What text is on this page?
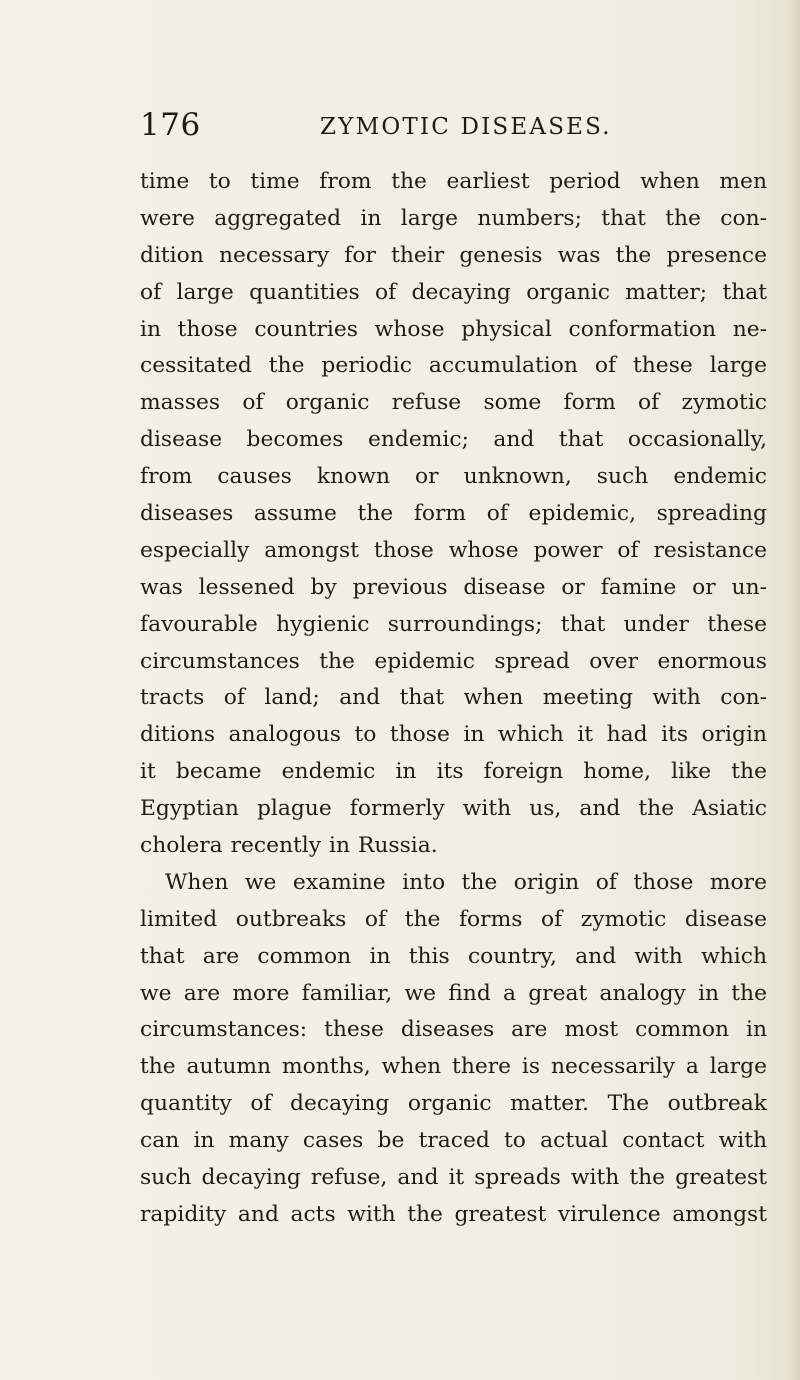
176	ZYMOTIC DISEASES.
time to time from the earliest period when men
were aggregated in large numbers; that the con-
dition necessary for their genesis was the presence
of large quantities of decaying organic matter; that
in those countries whose physical conformation ne-
cessitated the periodic accumulation of these large
masses of organic refuse some form of zymotic
disease becomes endemic; and that occasionally,
from causes known or unknown, such endemic
diseases assume the form of epidemic, spreading
especially amongst those whose power of resistance
was lessened by previous disease or famine or un-
favourable hygienic surroundings; that under these
circumstances the epidemic spread over enormous
tracts of land; and that when meeting with con-
ditions analogous to those in which it had its origin
it became endemic in its foreign home, like the
Egyptian plague formerly with us, and the Asiatic
cholera recently in Russia.
When we examine into the origin of those more
limited outbreaks of the forms of zymotic disease
that are common in this country, and with which
we are more familiar, we find a great analogy in the
circumstances: these diseases are most common in
the autumn months, when there is necessarily a large
quantity of decaying organic matter. The outbreak
can in many cases be traced to actual contact with
such decaying refuse, and it spreads with the greatest
rapidity and acts with the greatest virulence amongst
